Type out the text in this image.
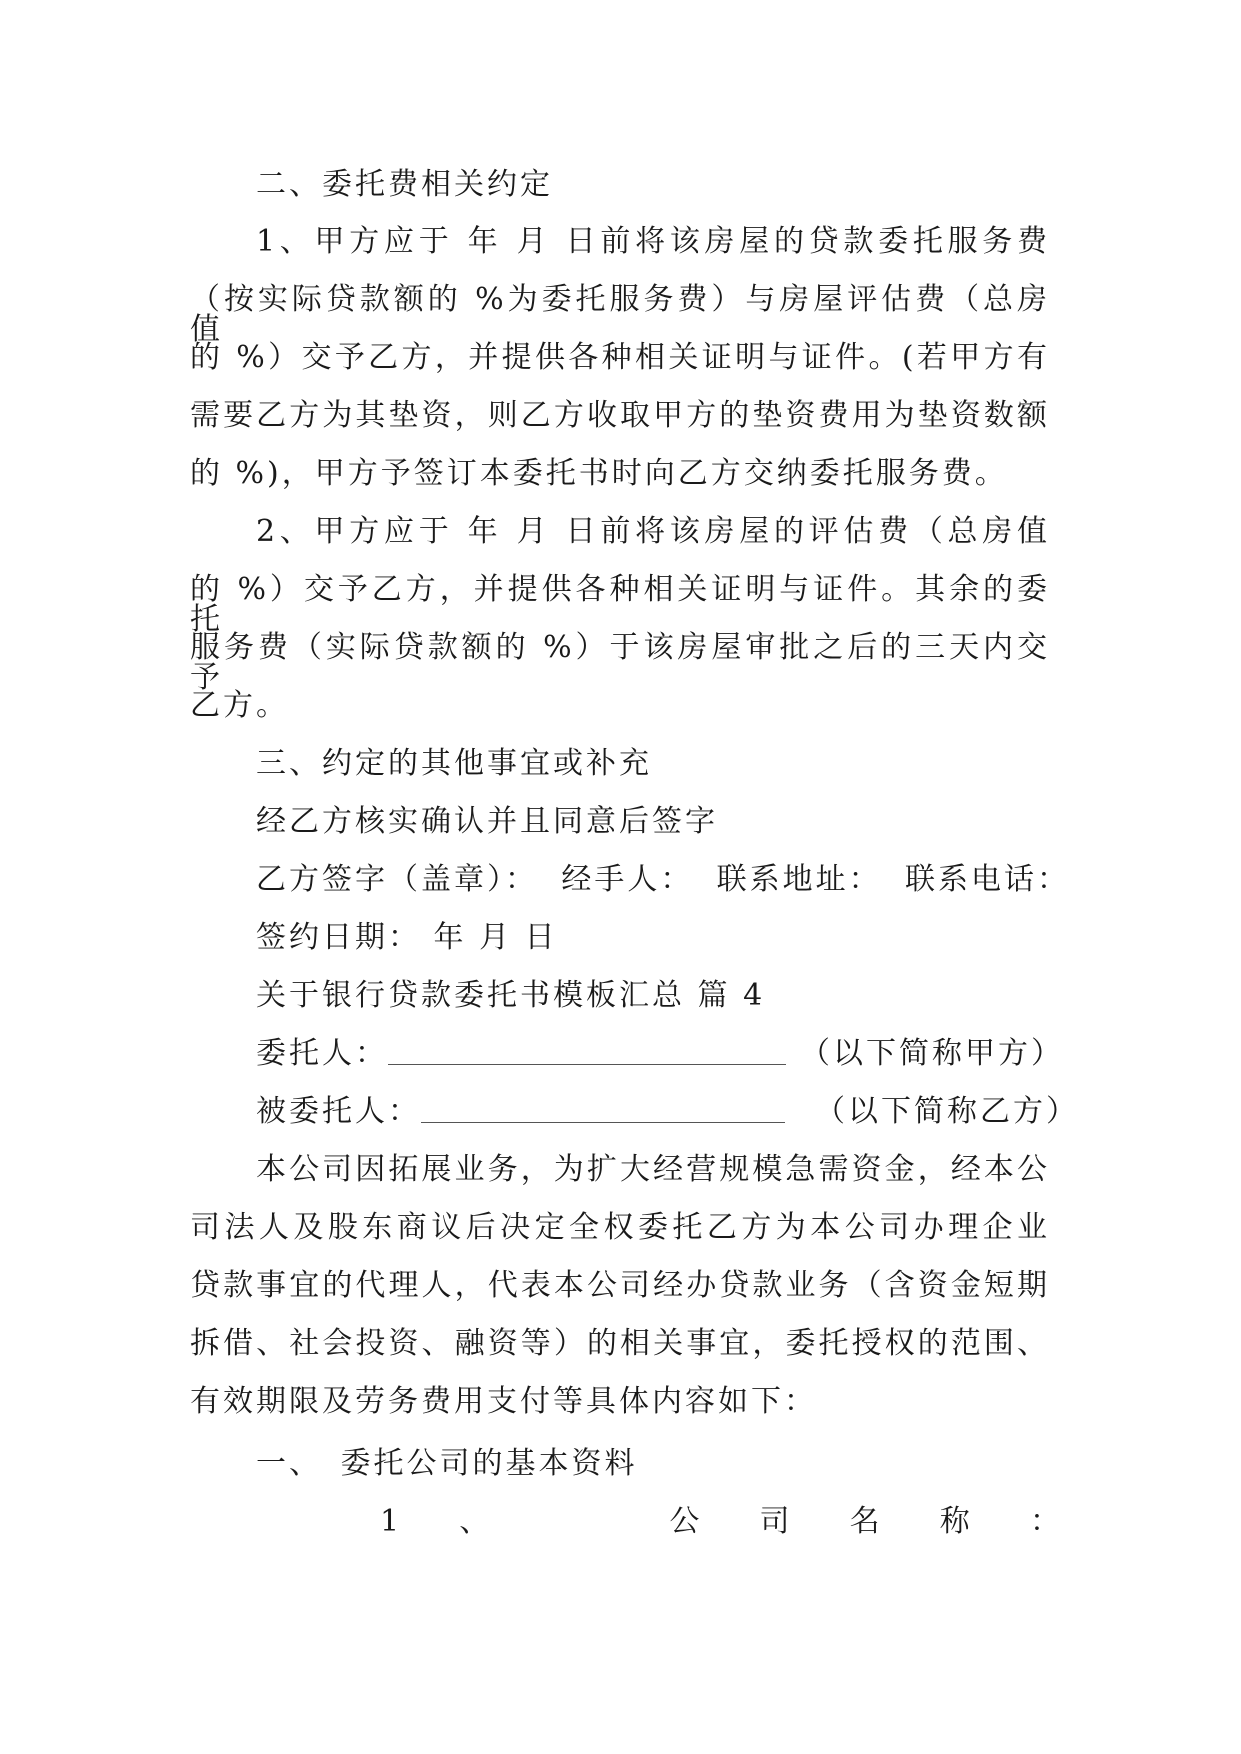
二、委托费相关约定
1、甲方应于 年 月 日前将该房屋的贷款委托服务费
（按实际贷款额的 %为委托服务费）与房屋评估费（总房值
的 %）交予乙方，并提供各种相关证明与证件。(若甲方有
需要乙方为其垫资，则乙方收取甲方的垫资费用为垫资数额
的 %)，甲方予签订本委托书时向乙方交纳委托服务费。
2、甲方应于 年 月 日前将该房屋的评估费（总房值
的 %）交予乙方，并提供各种相关证明与证件。其余的委托
服务费（实际贷款额的 %）于该房屋审批之后的三天内交予
乙方。
三、约定的其他事宜或补充
经乙方核实确认并且同意后签字
乙方签字（盖章）： 经手人： 联系地址： 联系电话：
签约日期： 年 月 日
关于银行贷款委托书模板汇总 篇 4
委托人：	（以下简称甲方）
被委托人：	（以下简称乙方）
本公司因拓展业务，为扩大经营规模急需资金，经本公
司法人及股东商议后决定全权委托乙方为本公司办理企业
贷款事宜的代理人，代表本公司经办贷款业务（含资金短期
拆借、社会投资、融资等）的相关事宜，委托授权的范围、
有效期限及劳务费用支付等具体内容如下：
一、 委托公司的基本资料
1 、	公 司 名 称 ：
